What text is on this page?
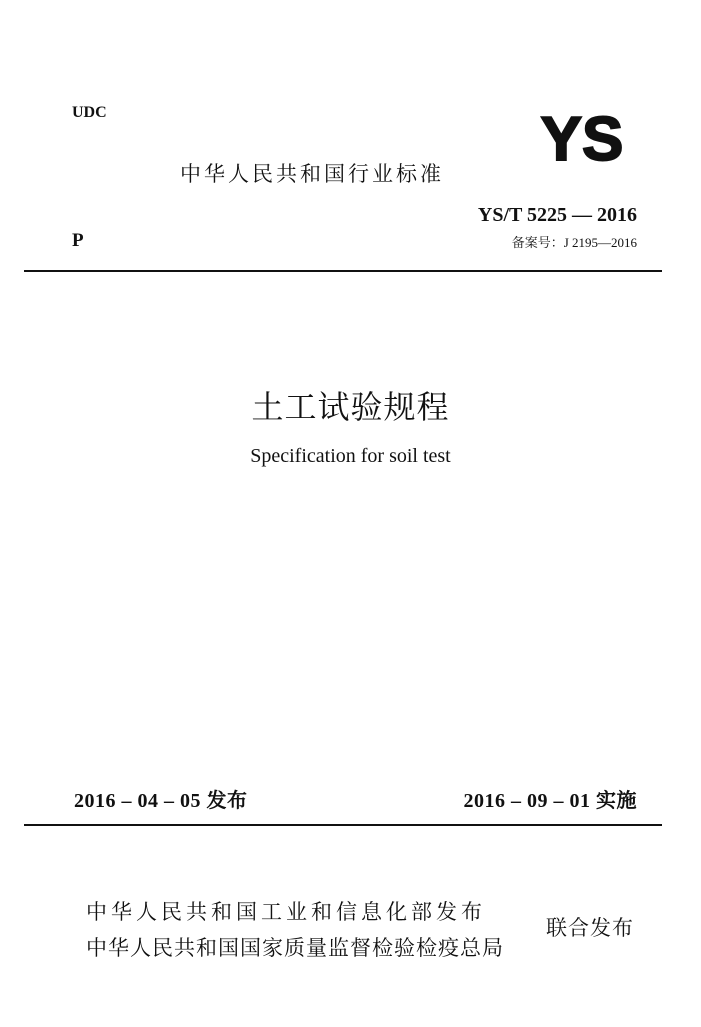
UDC	YS
中华人民共和国行业标准
YS/T 5225 — 2016
P	备案号：J 2195—2016
土工试验规程
Specification for soil test
2016 – 04 – 05 发布	2016 – 09 – 01 实施
中华人民共和国工业和信息化部发布
中华人民共和国国家质量监督检验检疫总局
联合发布
